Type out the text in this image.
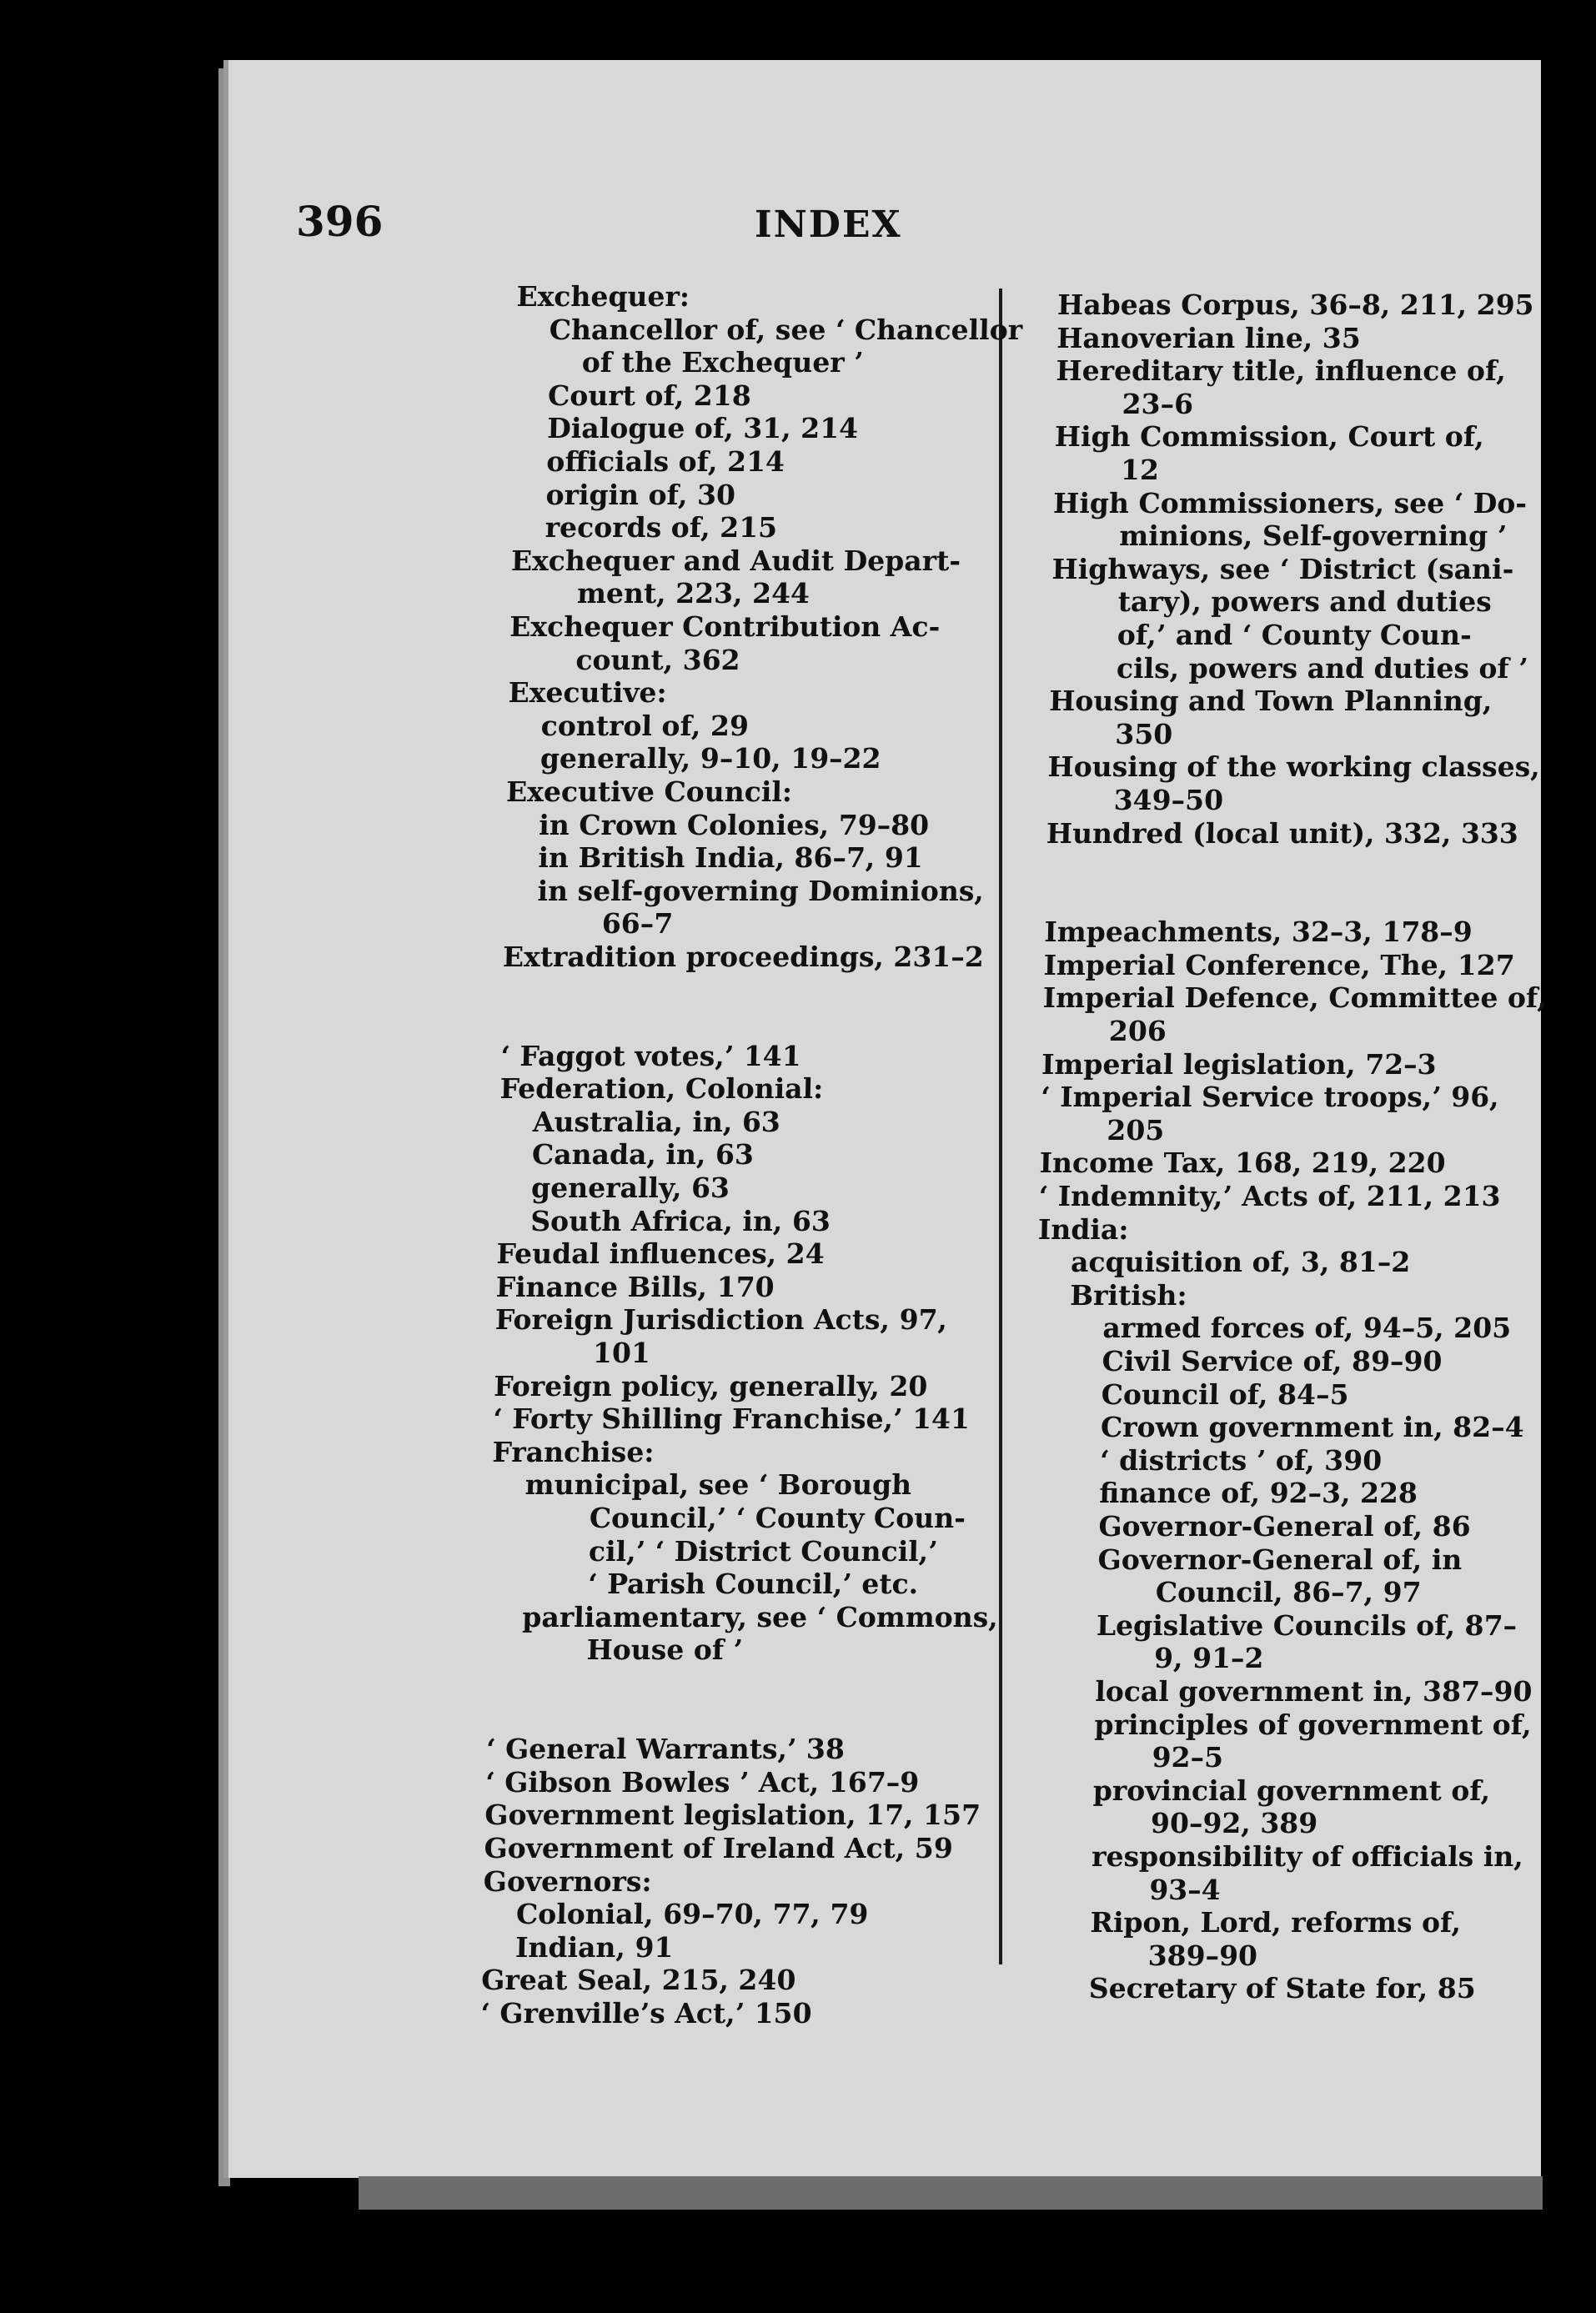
396	INDEX
Exchequer:
Chancellor of, see ‘ Chancellor
of the Exchequer ’
Court of, 218
Dialogue of, 31, 214
officials of, 214
origin of, 30
records of, 215
Exchequer and Audit Depart-
ment, 223, 244
Exchequer Contribution Ac-
count, 362
Executive:
control of, 29
generally, 9–10, 19–22
Executive Council:
in Crown Colonies, 79–80
in British India, 86–7, 91
in self-governing Dominions,
66–7
Extradition proceedings, 231–2
‘ Faggot votes,’ 141
Federation, Colonial:
Australia, in, 63
Canada, in, 63
generally, 63
South Africa, in, 63
Feudal influences, 24
Finance Bills, 170
Foreign Jurisdiction Acts, 97,
101
Foreign policy, generally, 20
‘ Forty Shilling Franchise,’ 141
Franchise:
municipal, see ‘ Borough
Council,’ ‘ County Coun-
cil,’ ‘ District Council,’
‘ Parish Council,’ etc.
parliamentary, see ‘ Commons,
House of ’
‘ General Warrants,’ 38
‘ Gibson Bowles ’ Act, 167–9
Government legislation, 17, 157
Government of Ireland Act, 59
Governors:
Colonial, 69–70, 77, 79
Indian, 91
Great Seal, 215, 240
‘ Grenville’s Act,’ 150
Habeas Corpus, 36–8, 211, 295
Hanoverian line, 35
Hereditary title, influence of,
23–6
High Commission, Court of,
12
High Commissioners, see ‘ Do-
minions, Self-governing ’
Highways, see ‘ District (sani-
tary), powers and duties
of,’ and ‘ County Coun-
cils, powers and duties of ’
Housing and Town Planning,
350
Housing of the working classes,
349–50
Hundred (local unit), 332, 333
Impeachments, 32–3, 178–9
Imperial Conference, The, 127
Imperial Defence, Committee of,
206
Imperial legislation, 72–3
‘ Imperial Service troops,’ 96,
205
Income Tax, 168, 219, 220
‘ Indemnity,’ Acts of, 211, 213
India:
acquisition of, 3, 81–2
British:
armed forces of, 94–5, 205
Civil Service of, 89–90
Council of, 84–5
Crown government in, 82–4
‘ districts ’ of, 390
finance of, 92–3, 228
Governor-General of, 86
Governor-General of, in
Council, 86–7, 97
Legislative Councils of, 87–
9, 91–2
local government in, 387–90
principles of government of,
92–5
provincial government of,
90–92, 389
responsibility of officials in,
93–4
Ripon, Lord, reforms of,
389–90
Secretary of State for, 85
